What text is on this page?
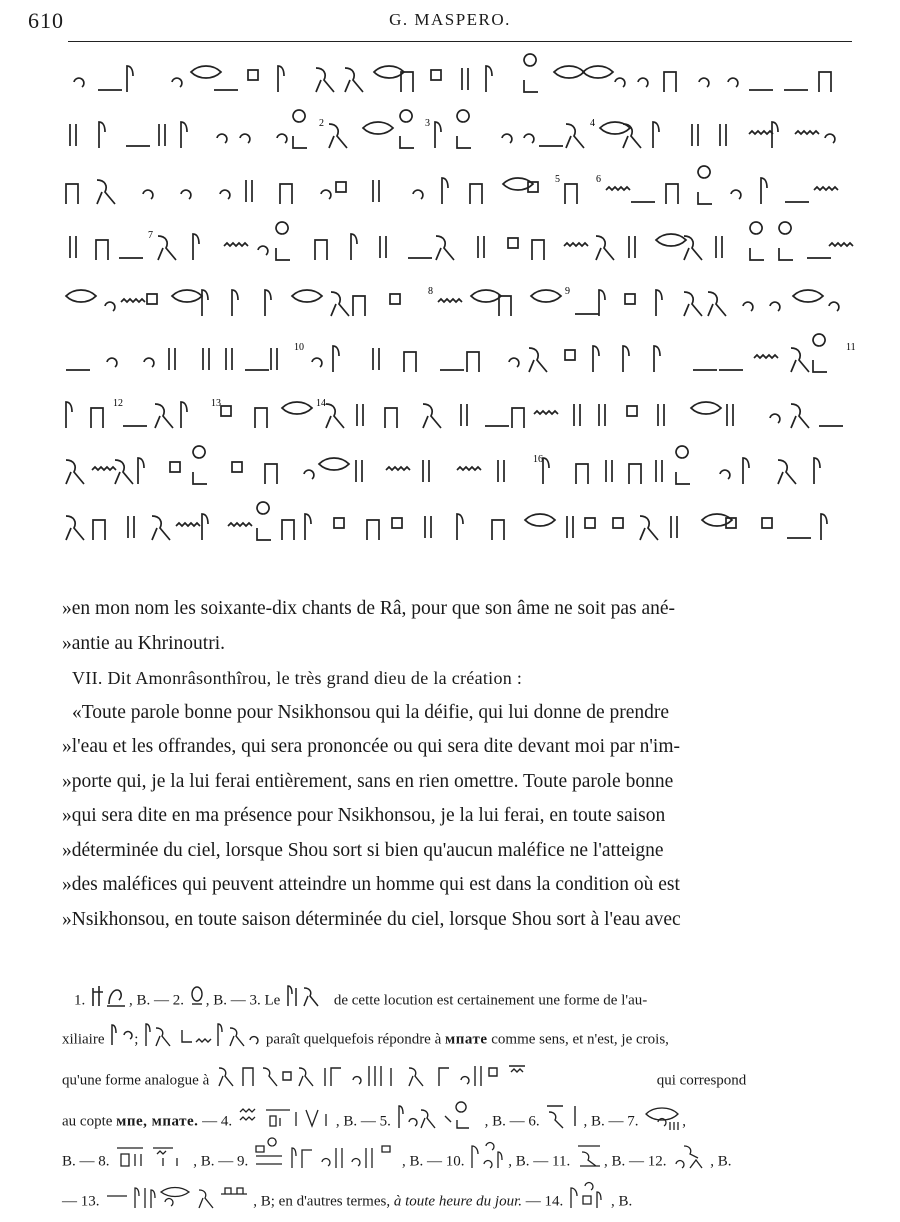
610	G. MASPERO.
2	3	4
5	6
7
8	9
10	11
12	13	14
16

»en mon nom les soixante-dix chants de Râ, pour que son âme ne soit pas ané-

»antie au Khrinoutri.

VII. Dit Amonrâsonthîrou, le très grand dieu de la création :

«Toute parole bonne pour Nsikhonsou qui la déifie, qui lui donne de prendre

»l'eau et les offrandes, qui sera prononcée ou qui sera dite devant moi par n'im-

»porte qui, je la lui ferai entièrement, sans en rien omettre. Toute parole bonne

»qui sera dite en ma présence pour Nsikhonsou, je la lui ferai, en toute saison

»déterminée du ciel, lorsque Shou sort si bien qu'aucun maléfice ne l'atteigne

»des maléfices qui peuvent atteindre un homme qui est dans la condition où est

»Nsikhonsou, en toute saison déterminée du ciel, lorsque Shou sort à l'eau avec

1.	, B. — 2. , B. — 3. Le	de cette locution est certainement une forme de l'au-

xiliaire ;	paraît quelquefois répondre à мпате comme sens, et n'est, je crois,

qu'une forme analogue à	qui correspond

au copte мпе, мпате. — 4.	, B. — 5.	, B. — 6.	, B. — 7.	,

B. — 8.	, B. — 9.	, B. — 10.	, B. — 11. , B. — 12.	, B.

— 13.	, B; en d'autres termes, à toute heure du jour. — 14.	, B.
